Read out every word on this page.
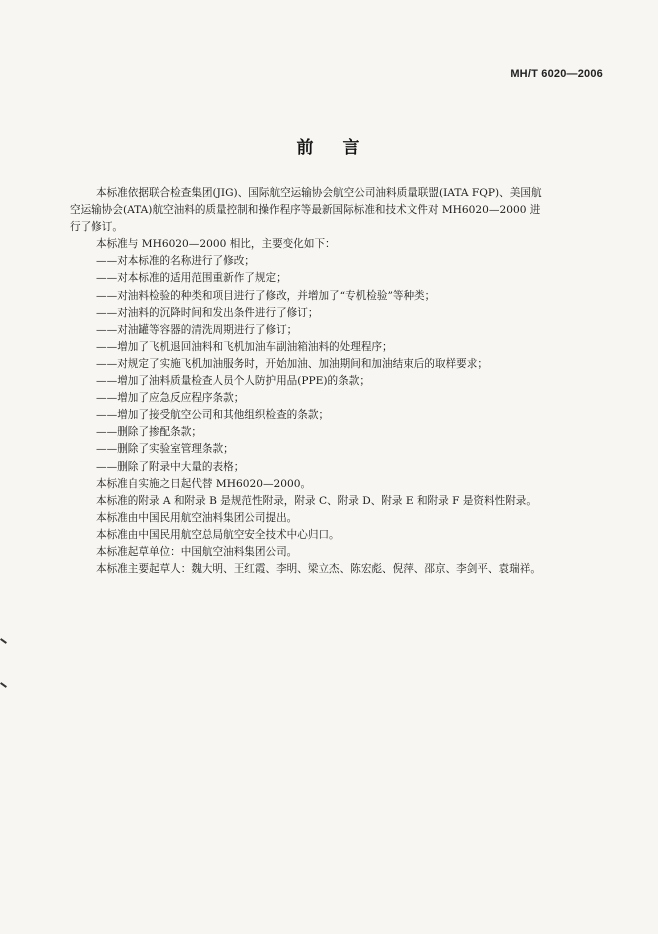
MH/T 6020—2006
前 言

本标准依据联合检查集团(JIG)、国际航空运输协会航空公司油料质量联盟(IATA FQP)、美国航

空运输协会(ATA)航空油料的质量控制和操作程序等最新国际标准和技术文件对 MH6020—2000 进

行了修订。

本标准与 MH6020—2000 相比，主要变化如下：

——对本标准的名称进行了修改；

——对本标准的适用范围重新作了规定；

——对油料检验的种类和项目进行了修改，并增加了“专机检验”等种类；

——对油料的沉降时间和发出条件进行了修订；

——对油罐等容器的清洗周期进行了修订；

——增加了飞机退回油料和飞机加油车副油箱油料的处理程序；

——对规定了实施飞机加油服务时，开始加油、加油期间和加油结束后的取样要求；

——增加了油料质量检查人员个人防护用品(PPE)的条款；

——增加了应急反应程序条款；

——增加了接受航空公司和其他组织检查的条款；

——删除了掺配条款；

——删除了实验室管理条款；

——删除了附录中大量的表格；

本标准自实施之日起代替 MH6020—2000。

本标准的附录 A 和附录 B 是规范性附录，附录 C、附录 D、附录 E 和附录 F 是资料性附录。

本标准由中国民用航空油料集团公司提出。

本标准由中国民用航空总局航空安全技术中心归口。

本标准起草单位：中国航空油料集团公司。

本标准主要起草人：魏大明、王红霞、李明、梁立杰、陈宏彪、倪萍、邵京、李剑平、袁瑞祥。
